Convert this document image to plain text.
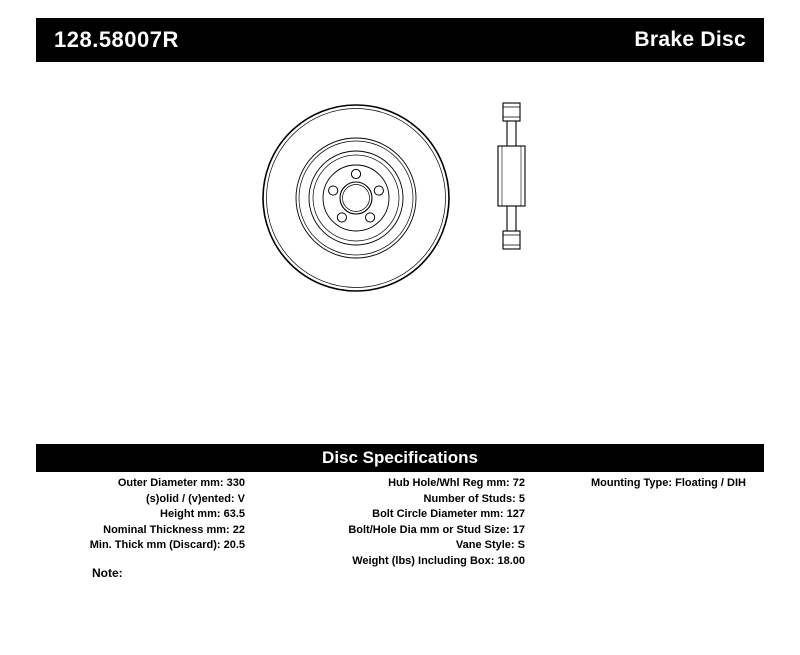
128.58007R	Brake Disc
Disc Specifications
Outer Diameter mm: 330
(s)olid / (v)ented: V
Height mm: 63.5
Nominal Thickness mm: 22
Min. Thick mm (Discard): 20.5
Hub Hole/Whl Reg mm: 72
Number of Studs: 5
Bolt Circle Diameter mm: 127
Bolt/Hole Dia mm or Stud Size: 17
Vane Style: S
Weight (lbs) Including Box: 18.00
Mounting Type: Floating / DIH
Note:
